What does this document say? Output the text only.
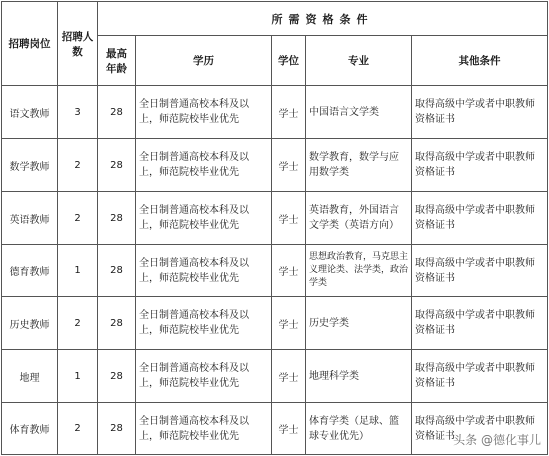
招聘岗位	招聘人数	所需资格条件				
		最高年龄	学历	学位	专业	其他条件
语文教师	3	28	全日制普通高校本科及以上，师范院校毕业优先	学士	中国语言文学类	取得高级中学或者中职教师资格证书
数学教师	2	28	全日制普通高校本科及以上，师范院校毕业优先	学士	数学教育，数学与应用数学类	取得高级中学或者中职教师资格证书
英语教师	2	28	全日制普通高校本科及以上，师范院校毕业优先	学士	英语教育，外国语言文学类（英语方向）	取得高级中学或者中职教师资格证书
德育教师	1	28	全日制普通高校本科及以上，师范院校毕业优先	学士	思想政治教育，马克思主义理论类、法学类，政治学类	取得高级中学或者中职教师资格证书
历史教师	2	28	全日制普通高校本科及以上，师范院校毕业优先	学士	历史学类	取得高级中学或者中职教师资格证书
地理	1	28	全日制普通高校本科及以上，师范院校毕业优先	学士	地理科学类	取得高级中学或者中职教师资格证书
体育教师	2	28	全日制普通高校本科及以上，师范院校毕业优先	学士	体育学类（足球、篮球专业优先）	取得高级中学或者中职教师资格证书
头条 @德化事儿
